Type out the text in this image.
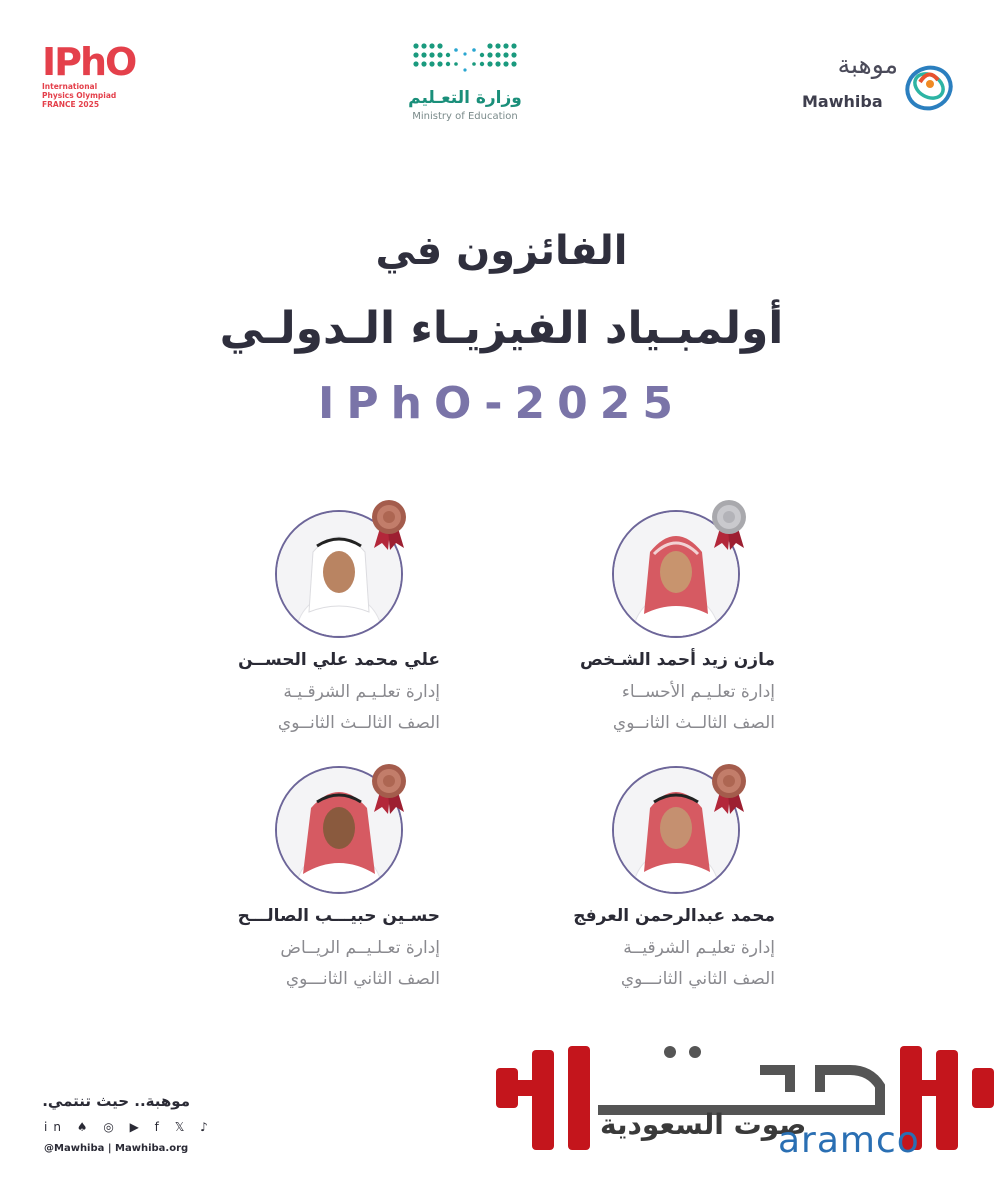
IPhO
International
Physics Olympiad
FRANCE 2025	وزارة التعـليم
Ministry of Education
موهبة
Mawhiba
الفائزون في
أولمبـياد الفيزيـاء الـدولـي
IPhO-2025
مازن زيد أحمد الشـخص
إدارة تعلـيـم الأحســاء
الصف الثالــث الثانــوي
علي محمد علي الحســن
إدارة تعلـيـم الشرقـيـة
الصف الثالــث الثانــوي
محمد عبدالرحمن العرفج
إدارة تعليـم الشرقيــة
الصف الثاني الثانـــوي
حسـين حبيـــب الصالـــح
إدارة تعـلـيــم الريــاض
الصف الثاني الثانـــوي
موهبة.. حيث تنتمي.
in ♠ ◎ ▶ f 𝕏 ♪
@Mawhiba | Mawhiba.org
صوت السعودية
aramco
